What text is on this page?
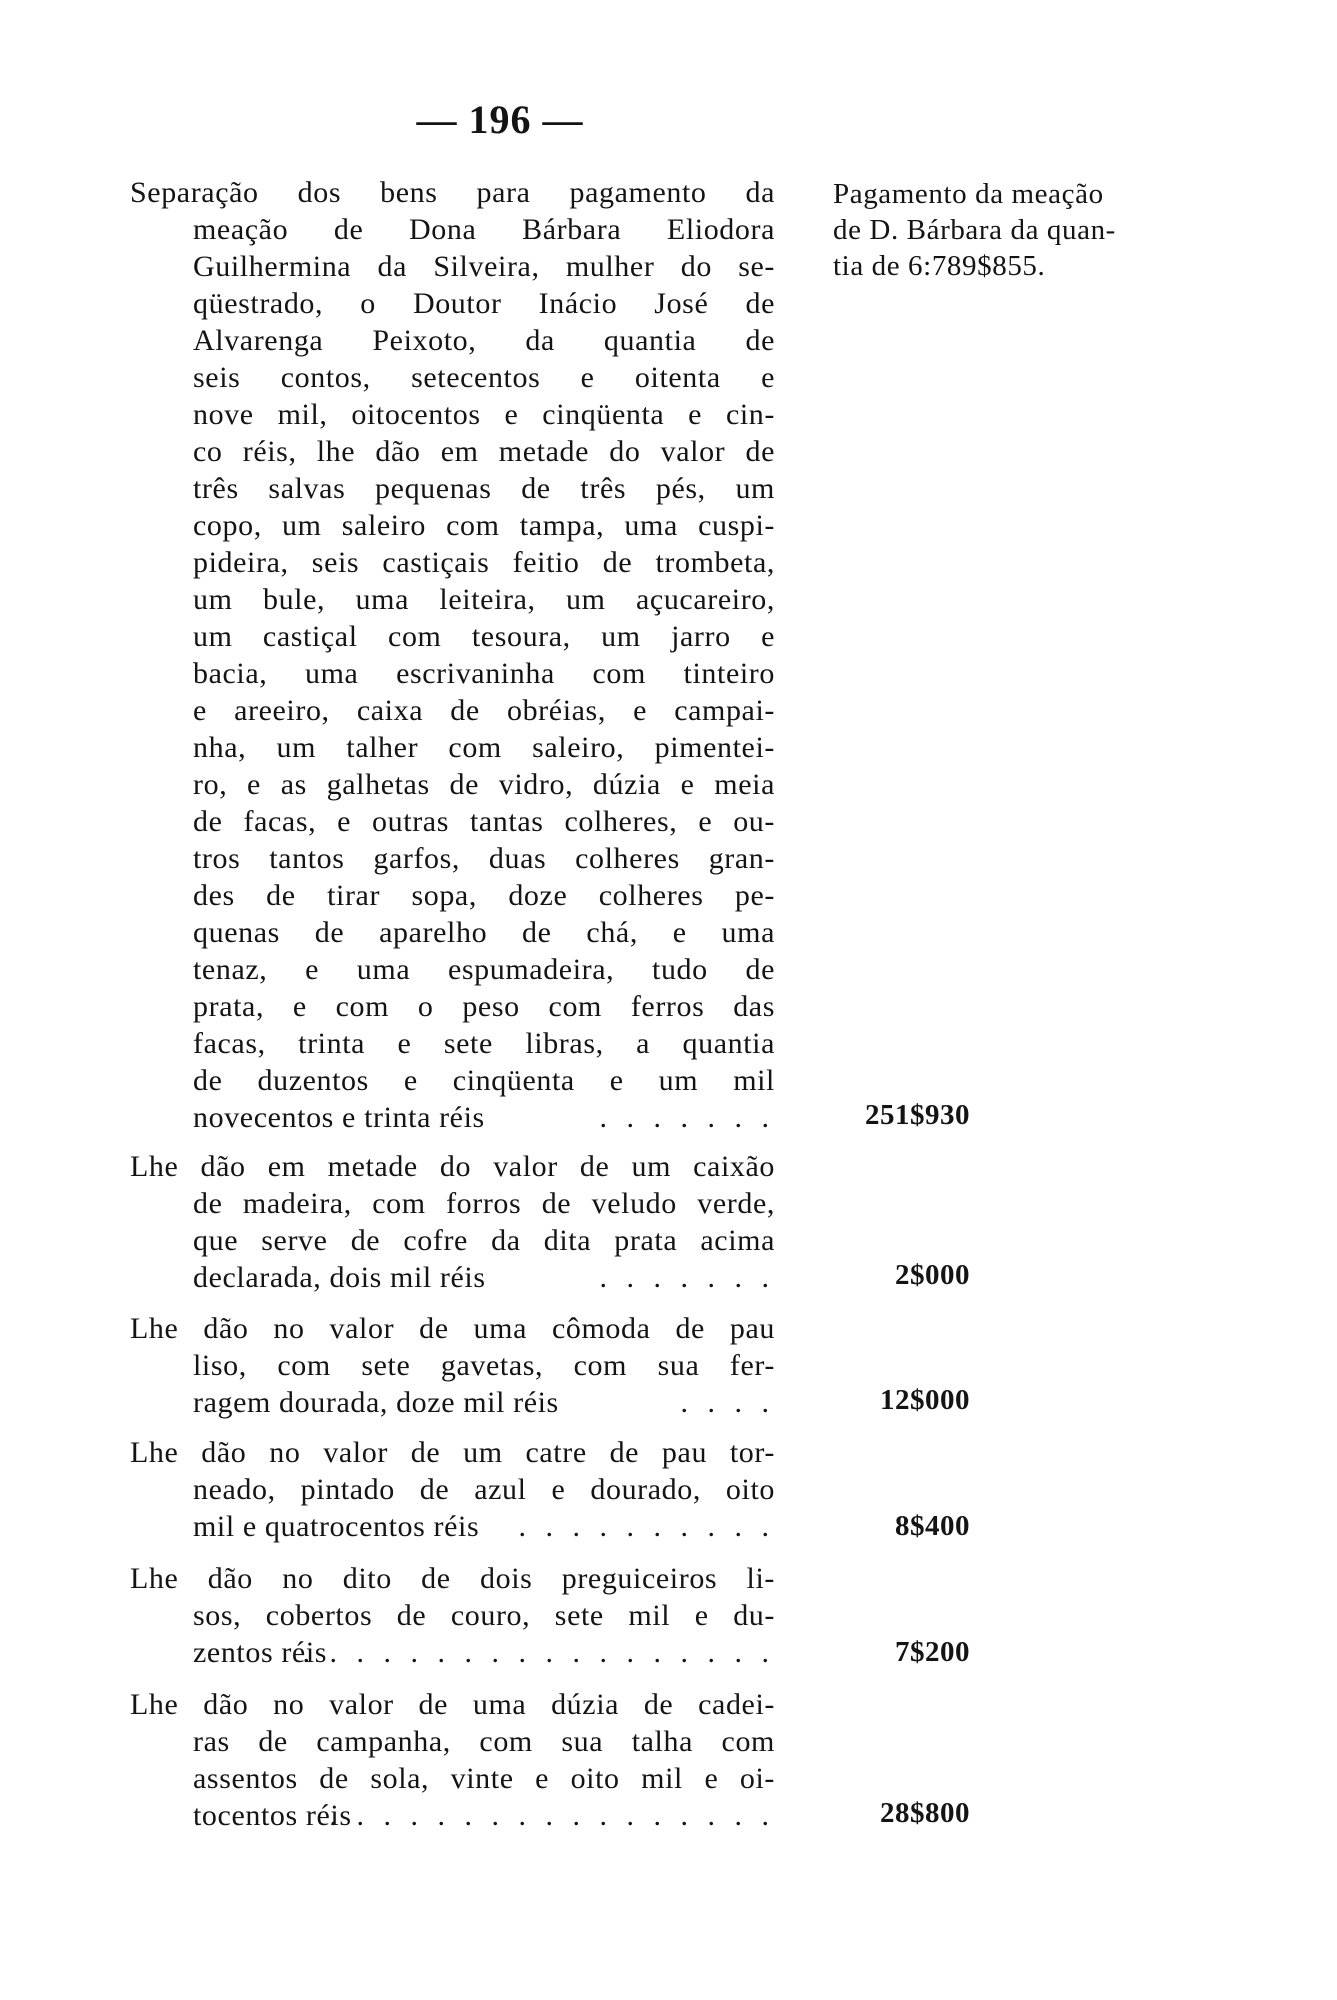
— 196 —
Pagamento da meação
de D. Bárbara da quan-
tia de 6:789$855.
Separação dos bens para pagamento da
meação de Dona Bárbara Eliodora
Guilhermina da Silveira, mulher do se-
qüestrado, o Doutor Inácio José de
Alvarenga Peixoto, da quantia de
seis contos, setecentos e oitenta e
nove mil, oitocentos e cinqüenta e cin-
co réis, lhe dão em metade do valor de
três salvas pequenas de três pés, um
copo, um saleiro com tampa, uma cuspi-
pideira, seis castiçais feitio de trombeta,
um bule, uma leiteira, um açucareiro,
um castiçal com tesoura, um jarro e
bacia, uma escrivaninha com tinteiro
e areeiro, caixa de obréias, e campai-
nha, um talher com saleiro, pimentei-
ro, e as galhetas de vidro, dúzia e meia
de facas, e outras tantas colheres, e ou-
tros tantos garfos, duas colheres gran-
des de tirar sopa, doze colheres pe-
quenas de aparelho de chá, e uma
tenaz, e uma espumadeira, tudo de
prata, e com o peso com ferros das
facas, trinta e sete libras, a quantia
de duzentos e cinqüenta e um mil
novecentos e trinta réis	. . . . . . .	251$930
Lhe dão em metade do valor de um caixão
de madeira, com forros de veludo verde,
que serve de cofre da dita prata acima
declarada, dois mil réis	. . . . . . .	2$000
Lhe dão no valor de uma cômoda de pau
liso, com sete gavetas, com sua fer-
ragem dourada, doze mil réis	. . . .	12$000
Lhe dão no valor de um catre de pau tor-
neado, pintado de azul e dourado, oito
mil e quatrocentos réis . . . . . . . . . .	8$400
Lhe dão no dito de dois preguiceiros li-
sos, cobertos de couro, sete mil e du-
zentos réis
. . . . . . . . . . . . . . . . . .	7$200
Lhe dão no valor de uma dúzia de cadei-
ras de campanha, com sua talha com
assentos de sola, vinte e oito mil e oi-
tocentos réis
. . . . . . . . . . . . . . . . .	28$800
